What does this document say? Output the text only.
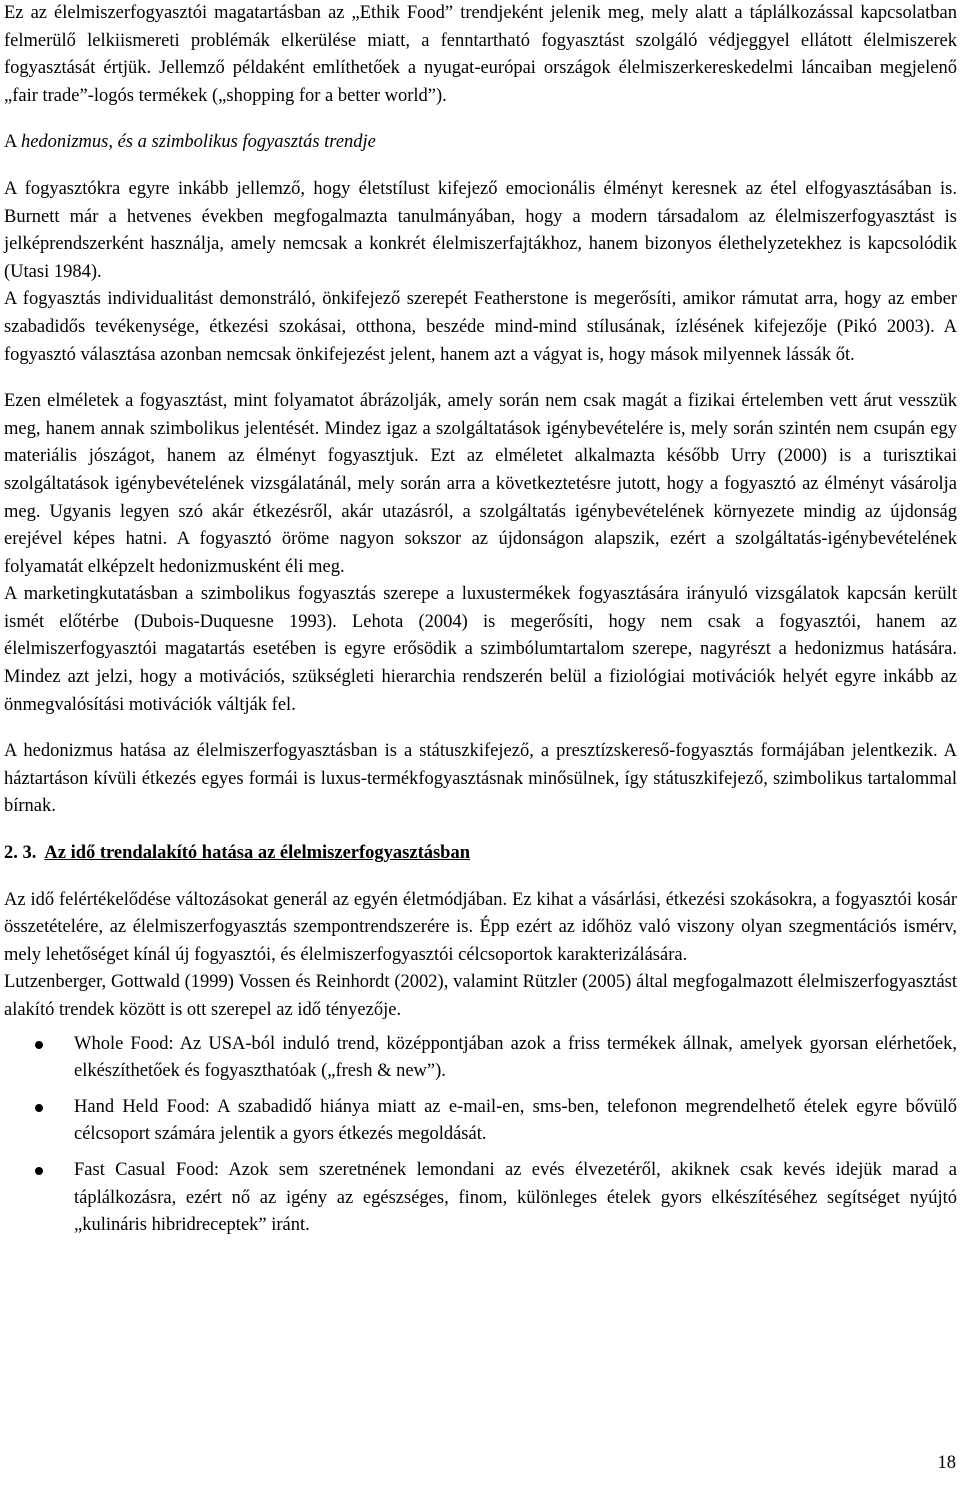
Ez az élelmiszerfogyasztói magatartásban az „Ethik Food” trendjeként jelenik meg, mely alatt a táplálkozással kapcsolatban felmerülő lelkiismereti problémák elkerülése miatt, a fenntartható fogyasztást szolgáló védjeggyel ellátott élelmiszerek fogyasztását értjük. Jellemző példaként említhetőek a nyugat-európai országok élelmiszerkereskedelmi láncaiban megjelenő „fair trade”-logós termékek („shopping for a better world”).

A hedonizmus, és a szimbolikus fogyasztás trendje

A fogyasztókra egyre inkább jellemző, hogy életstílust kifejező emocionális élményt keresnek az étel elfogyasztásában is. Burnett már a hetvenes években megfogalmazta tanulmányában, hogy a modern társadalom az élelmiszerfogyasztást is jelképrendszerként használja, amely nemcsak a konkrét élelmiszerfajtákhoz, hanem bizonyos élethelyzetekhez is kapcsolódik (Utasi 1984).

A fogyasztás individualitást demonstráló, önkifejező szerepét Featherstone is megerősíti, amikor rámutat arra, hogy az ember szabadidős tevékenysége, étkezési szokásai, otthona, beszéde mind-mind stílusának, ízlésének kifejezője (Pikó 2003). A fogyasztó választása azonban nemcsak önkifejezést jelent, hanem azt a vágyat is, hogy mások milyennek lássák őt.

Ezen elméletek a fogyasztást, mint folyamatot ábrázolják, amely során nem csak magát a fizikai értelemben vett árut vesszük meg, hanem annak szimbolikus jelentését. Mindez igaz a szolgáltatások igénybevételére is, mely során szintén nem csupán egy materiális jószágot, hanem az élményt fogyasztjuk. Ezt az elméletet alkalmazta később Urry (2000) is a turisztikai szolgáltatások igénybevételének vizsgálatánál, mely során arra a következtetésre jutott, hogy a fogyasztó az élményt vásárolja meg. Ugyanis legyen szó akár étkezésről, akár utazásról, a szolgáltatás igénybevételének környezete mindig az újdonság erejével képes hatni. A fogyasztó öröme nagyon sokszor az újdonságon alapszik, ezért a szolgáltatás-igénybevételének folyamatát elképzelt hedonizmusként éli meg.

A marketingkutatásban a szimbolikus fogyasztás szerepe a luxustermékek fogyasztására irányuló vizsgálatok kapcsán került ismét előtérbe (Dubois-Duquesne 1993). Lehota (2004) is megerősíti, hogy nem csak a fogyasztói, hanem az élelmiszerfogyasztói magatartás esetében is egyre erősödik a szimbólumtartalom szerepe, nagyrészt a hedonizmus hatására. Mindez azt jelzi, hogy a motivációs, szükségleti hierarchia rendszerén belül a fiziológiai motivációk helyét egyre inkább az önmegvalósítási motivációk váltják fel.

A hedonizmus hatása az élelmiszerfogyasztásban is a státuszkifejező, a presztízskereső-fogyasztás formájában jelentkezik. A háztartáson kívüli étkezés egyes formái is luxus-termékfogyasztásnak minősülnek, így státuszkifejező, szimbolikus tartalommal bírnak.

2. 3. Az idő trendalakító hatása az élelmiszerfogyasztásban

Az idő felértékelődése változásokat generál az egyén életmódjában. Ez kihat a vásárlási, étkezési szokásokra, a fogyasztói kosár összetételére, az élelmiszerfogyasztás szempontrendszerére is. Épp ezért az időhöz való viszony olyan szegmentációs ismérv, mely lehetőséget kínál új fogyasztói, és élelmiszerfogyasztói célcsoportok karakterizálására.

Lutzenberger, Gottwald (1999) Vossen és Reinhordt (2002), valamint Rützler (2005) által megfogalmazott élelmiszerfogyasztást alakító trendek között is ott szerepel az idő tényezője.

Whole Food: Az USA-ból induló trend, középpontjában azok a friss termékek állnak, amelyek gyorsan elérhetőek, elkészíthetőek és fogyaszthatóak („fresh & new”).
Hand Held Food: A szabadidő hiánya miatt az e-mail-en, sms-ben, telefonon megrendelhető ételek egyre bővülő célcsoport számára jelentik a gyors étkezés megoldását.
Fast Casual Food: Azok sem szeretnének lemondani az evés élvezetéről, akiknek csak kevés idejük marad a táplálkozásra, ezért nő az igény az egészséges, finom, különleges ételek gyors elkészítéséhez segítséget nyújtó „kulináris hibridreceptek” iránt.
18
